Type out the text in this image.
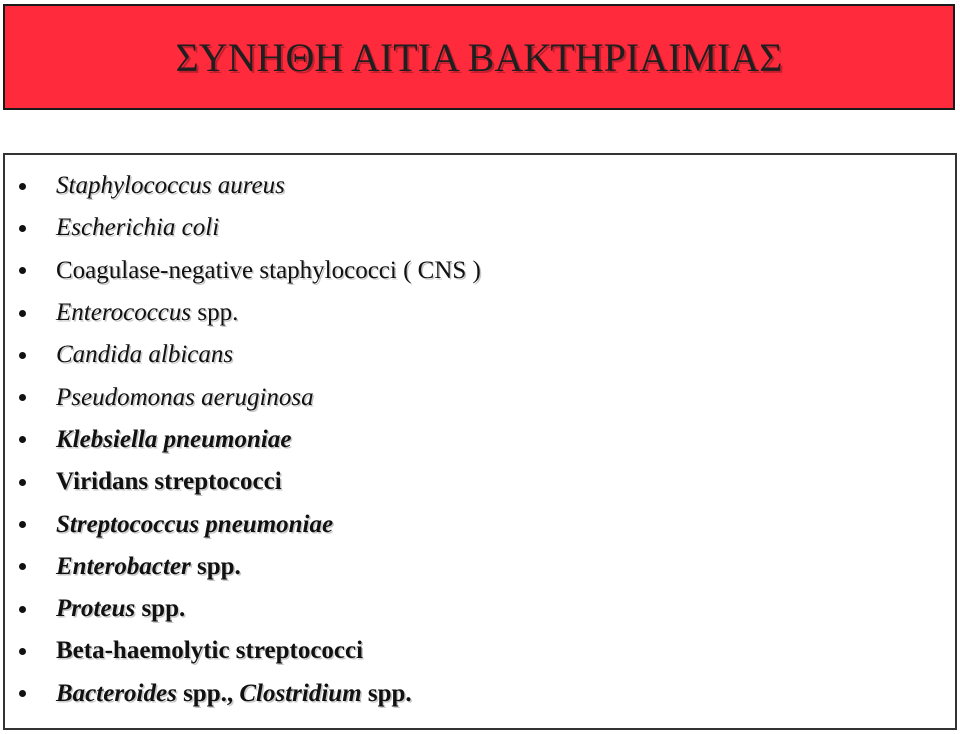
ΣΥΝΗΘΗ ΑΙΤΙΑ ΒΑΚΤΗΡΙΑΙΜΙΑΣ
Staphylococcus aureus
Escherichia coli
Coagulase-negative staphylococci ( CNS )
Enterococcus spp.
Candida albicans
Pseudomonas aeruginosa
Klebsiella pneumoniae
Viridans streptococci
Streptococcus pneumoniae
Enterobacter spp.
Proteus spp.
Beta-haemolytic streptococci
Bacteroides spp., Clostridium spp.
